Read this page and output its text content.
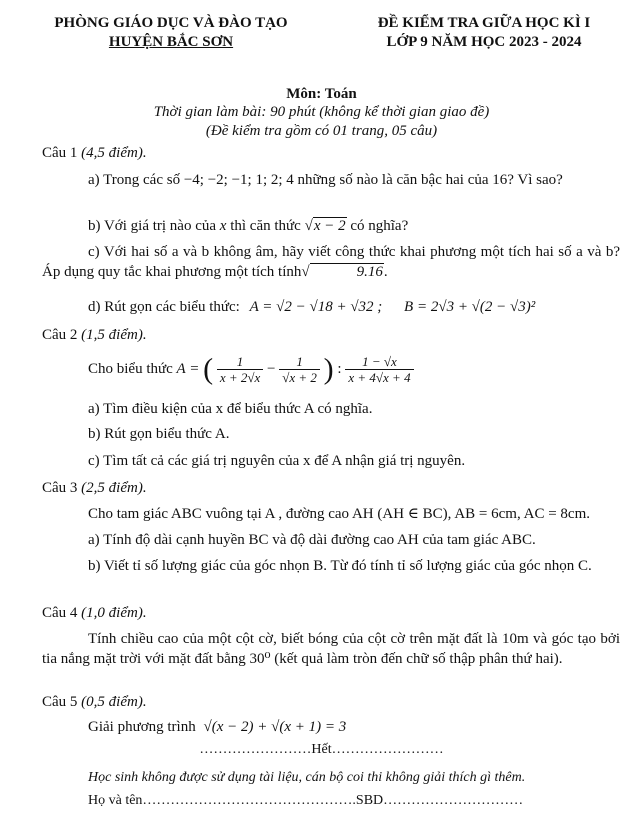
PHÒNG GIÁO DỤC VÀ ĐÀO TẠO
HUYỆN BẮC SƠN
ĐỀ KIỂM TRA GIỮA HỌC KÌ I
LỚP 9 NĂM HỌC 2023 - 2024
Môn: Toán
Thời gian làm bài: 90 phút (không kể thời gian giao đề)
(Đề kiểm tra gồm có 01 trang, 05 câu)
Câu 1 (4,5 điểm).
a) Trong các số −4; −2; −1; 1; 2; 4 những số nào là căn bậc hai của 16? Vì sao?
b) Với giá trị nào của x thì căn thức √x − 2 có nghĩa?
c) Với hai số a và b không âm, hãy viết công thức khai phương một tích hai số a và b? Áp dụng quy tắc khai phương một tích tính√	9.16.
d) Rút gọn các biểu thức: A = √2 − √18 + √32 ; B = 2√3 + √(2 − √3)²
Câu 2 (1,5 điểm).
Cho biểu thức A = ( $\frac{1}{x + 2√x} - \frac{1}{√x + 2}$ ) : $\frac{1 - √x}{x + 4√x + 4}$
a) Tìm điều kiện của x để biểu thức A có nghĩa.
b) Rút gọn biểu thức A.
c) Tìm tất cả các giá trị nguyên của x để A nhận giá trị nguyên.
Câu 3 (2,5 điểm).
Cho tam giác ABC vuông tại A , đường cao AH (AH ∈ BC), AB = 6cm, AC = 8cm.
a) Tính độ dài cạnh huyền BC và độ dài đường cao AH của tam giác ABC.
b) Viết tỉ số lượng giác của góc nhọn B. Từ đó tính tỉ số lượng giác của góc nhọn C.
Câu 4 (1,0 điểm).
Tính chiều cao của một cột cờ, biết bóng của cột cờ trên mặt đất là 10m và góc tạo bởi tia nắng mặt trời với mặt đất bằng 30⁰ (kết quả làm tròn đến chữ số thập phân thứ hai).
Câu 5 (0,5 điểm).
Giải phương trình √(x − 2) + √(x + 1) = 3
……………………Hết……………………
Học sinh không được sử dụng tài liệu, cán bộ coi thi không giải thích gì thêm.
Họ và tên……………………………………….SBD…………………………
